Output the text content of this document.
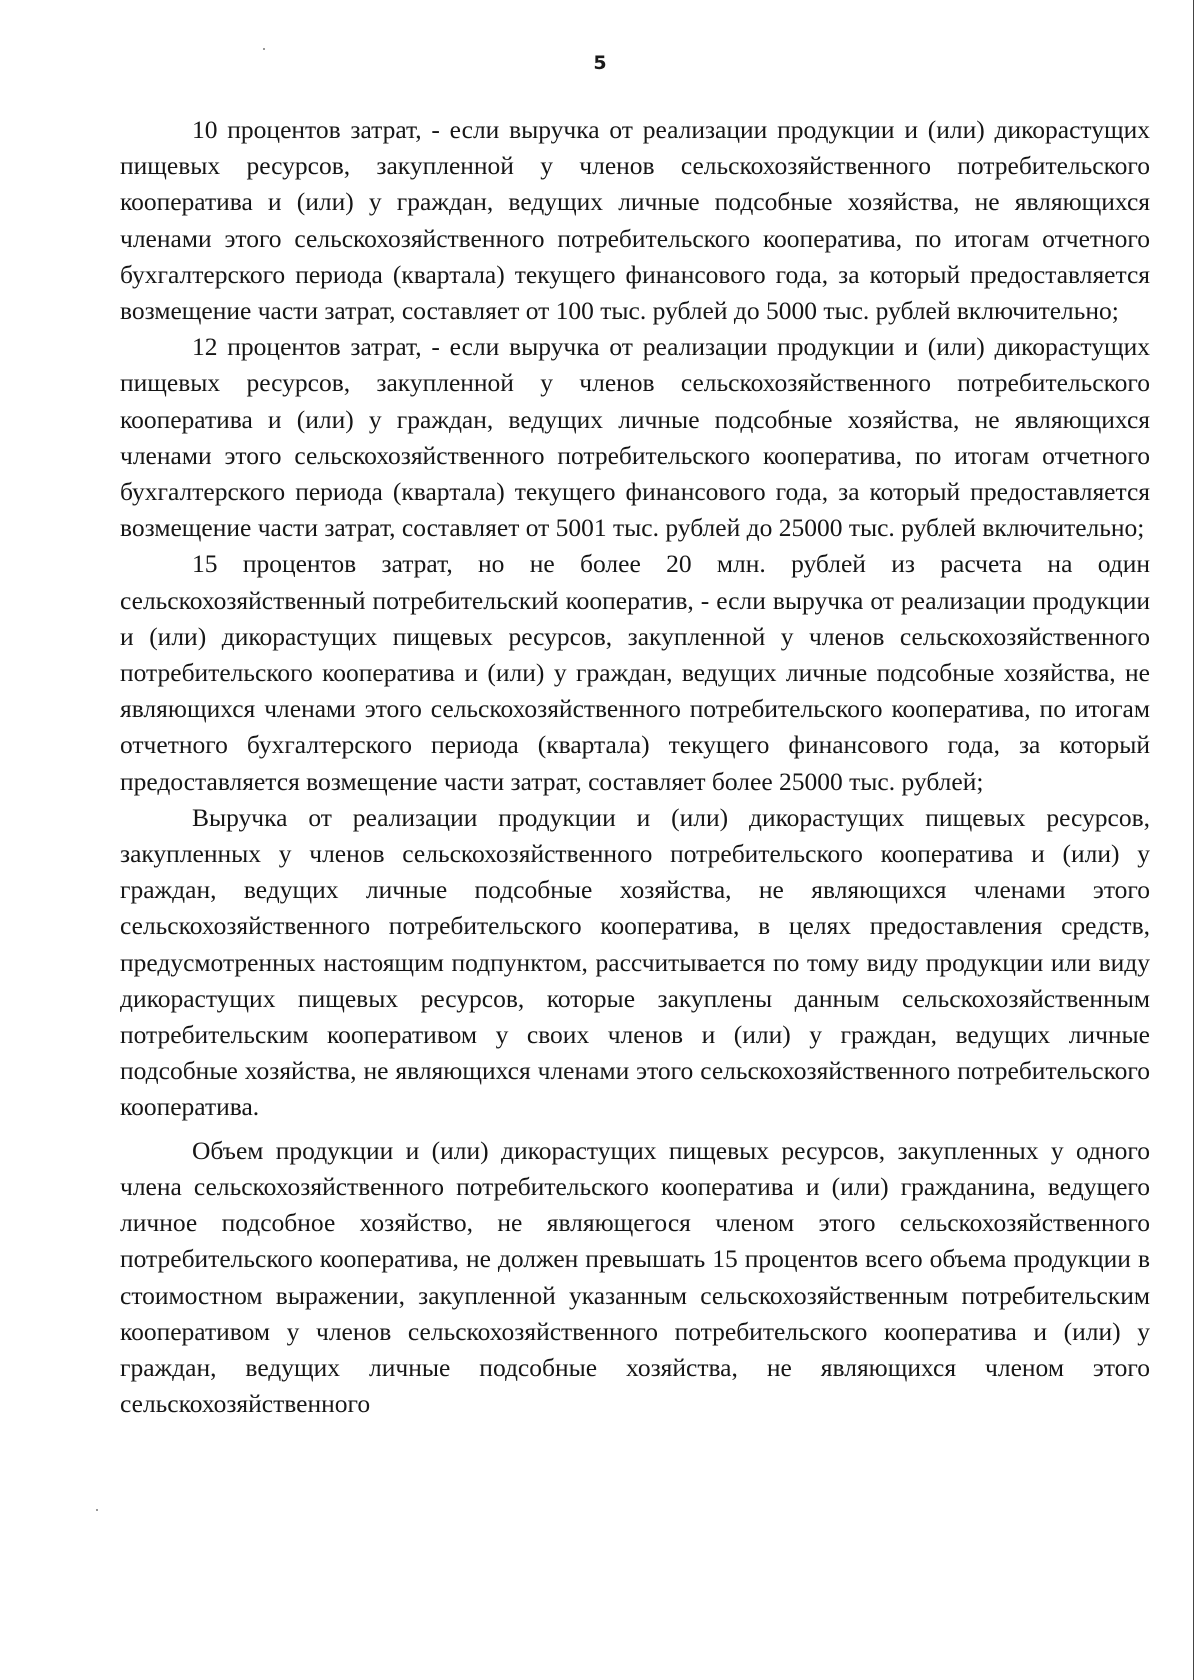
5

10 процентов затрат, - если выручка от реализации продукции и (или) дикорастущих пищевых ресурсов, закупленной у членов сельскохозяйственного потребительского кооператива и (или) у граждан, ведущих личные подсобные хозяйства, не являющихся членами этого сельскохозяйственного потребительского кооператива, по итогам отчетного бухгалтерского периода (квартала) текущего финансового года, за который предоставляется возмещение части затрат, составляет от 100 тыс. рублей до 5000 тыс. рублей включительно;

12 процентов затрат, - если выручка от реализации продукции и (или) дикорастущих пищевых ресурсов, закупленной у членов сельскохозяйственного потребительского кооператива и (или) у граждан, ведущих личные подсобные хозяйства, не являющихся членами этого сельскохозяйственного потребительского кооператива, по итогам отчетного бухгалтерского периода (квартала) текущего финансового года, за который предоставляется возмещение части затрат, составляет от 5001 тыс. рублей до 25000 тыс. рублей включительно;

15 процентов затрат, но не более 20 млн. рублей из расчета на один сельскохозяйственный потребительский кооператив, - если выручка от реализации продукции и (или) дикорастущих пищевых ресурсов, закупленной у членов сельскохозяйственного потребительского кооператива и (или) у граждан, ведущих личные подсобные хозяйства, не являющихся членами этого сельскохозяйственного потребительского кооператива, по итогам отчетного бухгалтерского периода (квартала) текущего финансового года, за который предоставляется возмещение части затрат, составляет более 25000 тыс. рублей;

Выручка от реализации продукции и (или) дикорастущих пищевых ресурсов, закупленных у членов сельскохозяйственного потребительского кооператива и (или) у граждан, ведущих личные подсобные хозяйства, не являющихся членами этого сельскохозяйственного потребительского кооператива, в целях предоставления средств, предусмотренных настоящим подпунктом, рассчитывается по тому виду продукции или виду дикорастущих пищевых ресурсов, которые закуплены данным сельскохозяйственным потребительским кооперативом у своих членов и (или) у граждан, ведущих личные подсобные хозяйства, не являющихся членами этого сельскохозяйственного потребительского кооператива.

Объем продукции и (или) дикорастущих пищевых ресурсов, закупленных у одного члена сельскохозяйственного потребительского кооператива и (или) гражданина, ведущего личное подсобное хозяйство, не являющегося членом этого сельскохозяйственного потребительского кооператива, не должен превышать 15 процентов всего объема продукции в стоимостном выражении, закупленной указанным сельскохозяйственным потребительским кооперативом у членов сельскохозяйственного потребительского кооператива и (или) у граждан, ведущих личные подсобные хозяйства, не являющихся членом этого сельскохозяйственного
